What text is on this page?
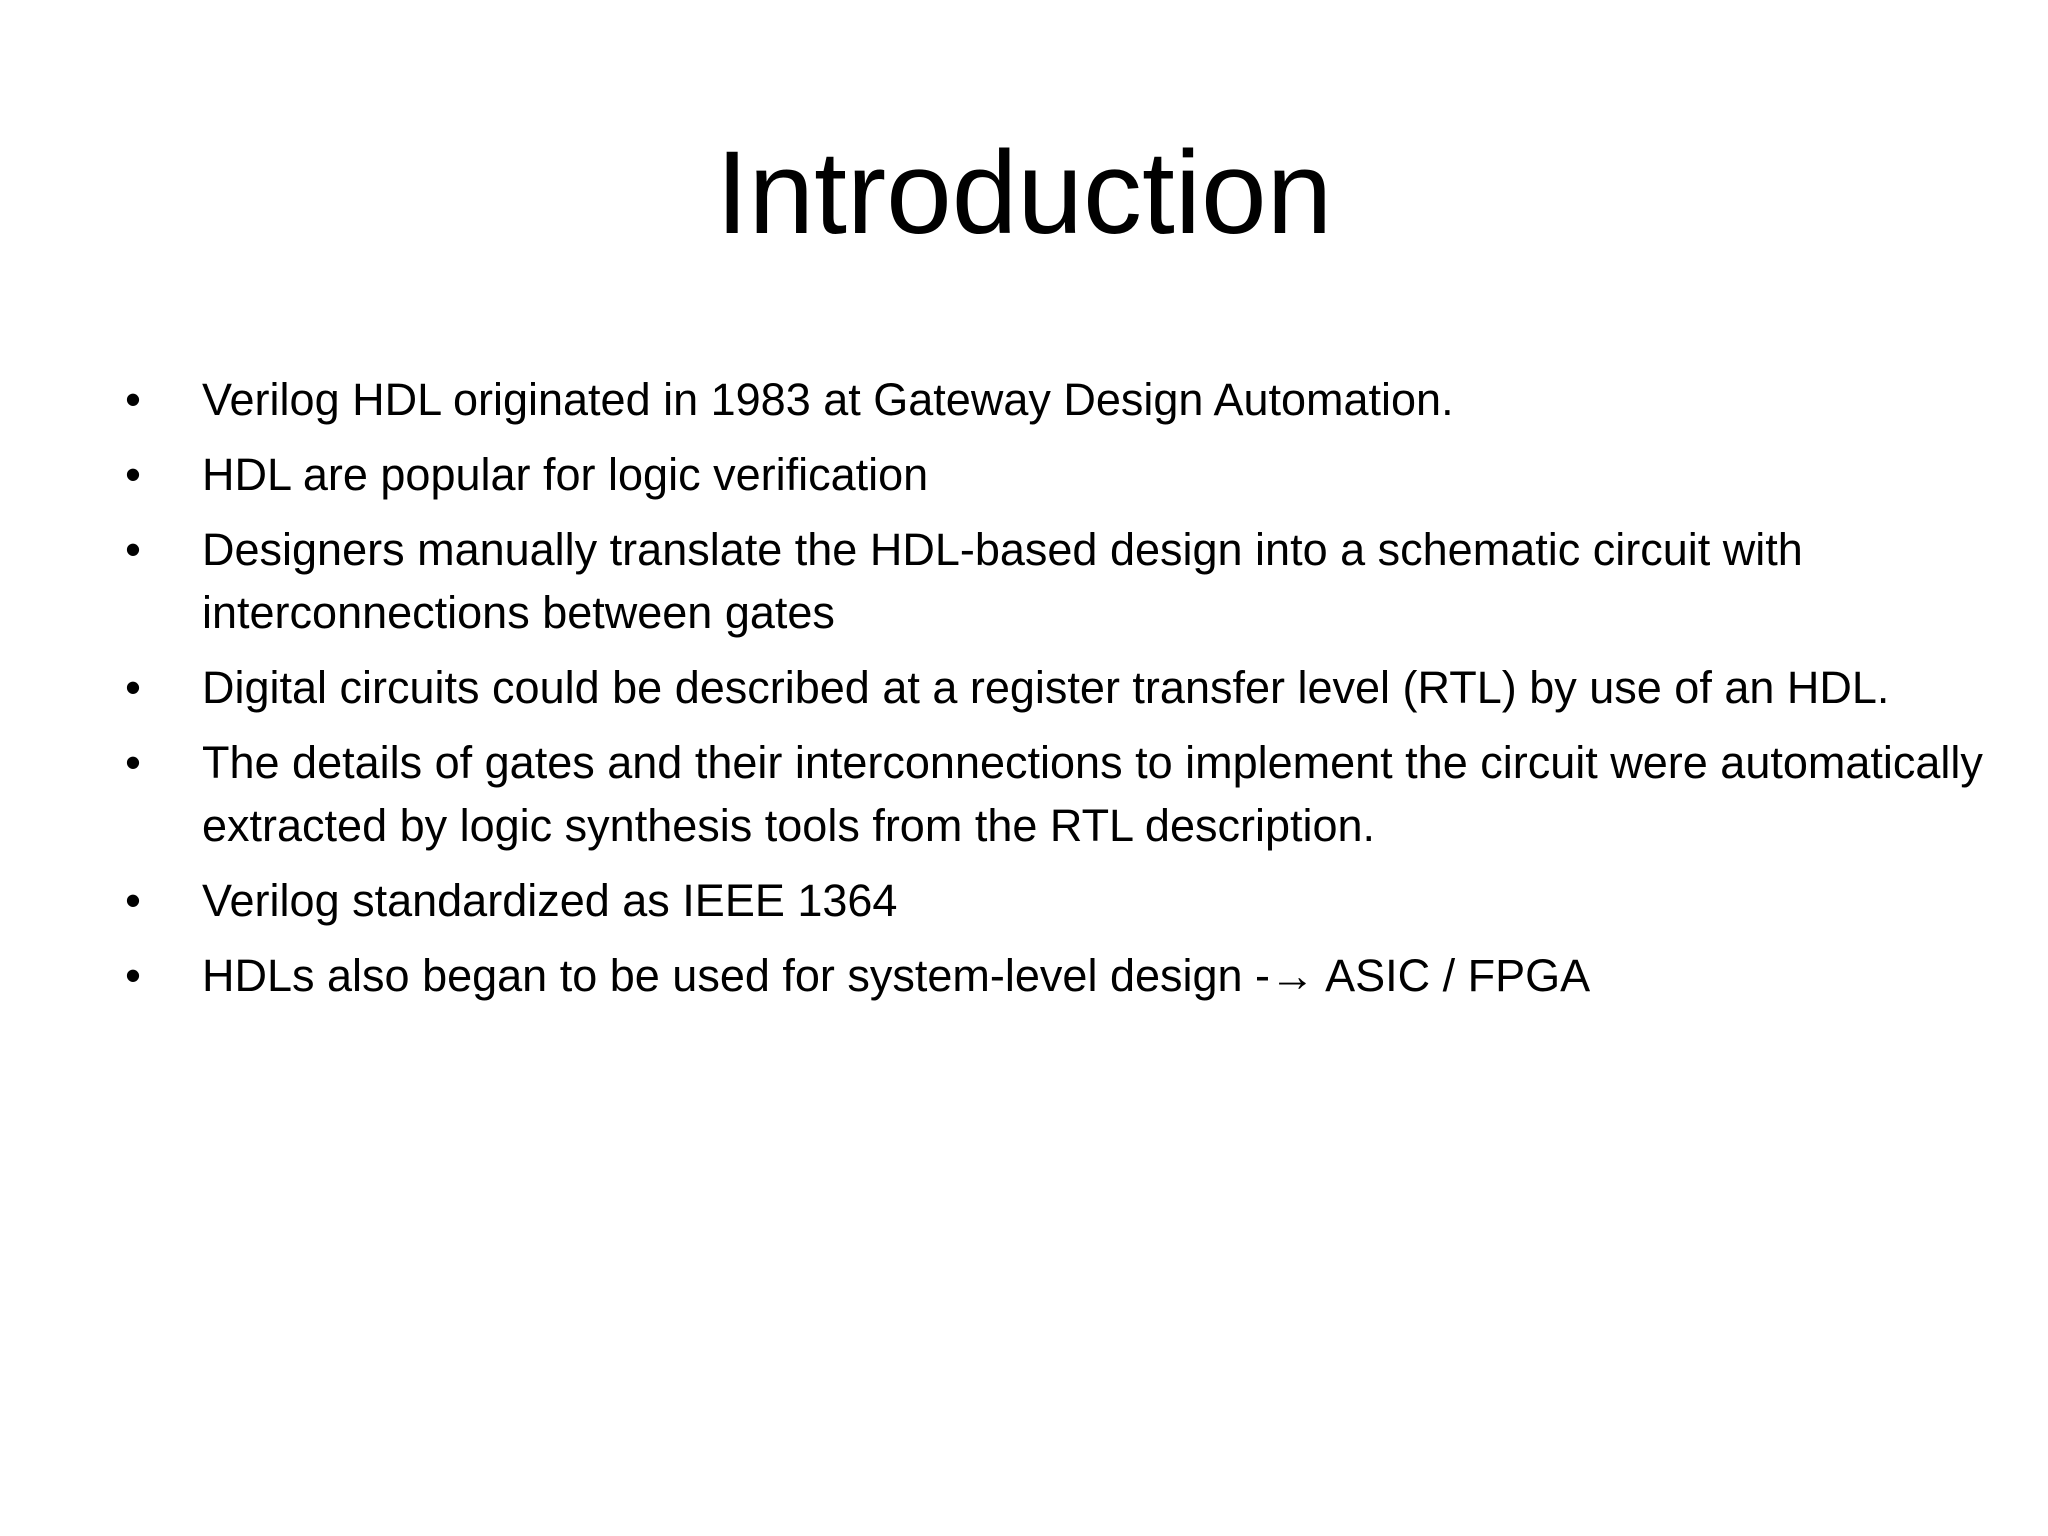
Introduction
• Verilog HDL originated in 1983 at Gateway Design Automation.
• HDL are popular for logic verification
• Designers manually translate the HDL-based design into a schematic circuit with interconnections between gates
• Digital circuits could be described at a register transfer level (RTL) by use of an HDL.
• The details of gates and their interconnections to implement the circuit were automatically extracted by logic synthesis tools from the RTL description.
• Verilog standardized as IEEE 1364
• HDLs also began to be used for system-level design -→ ASIC / FPGA
